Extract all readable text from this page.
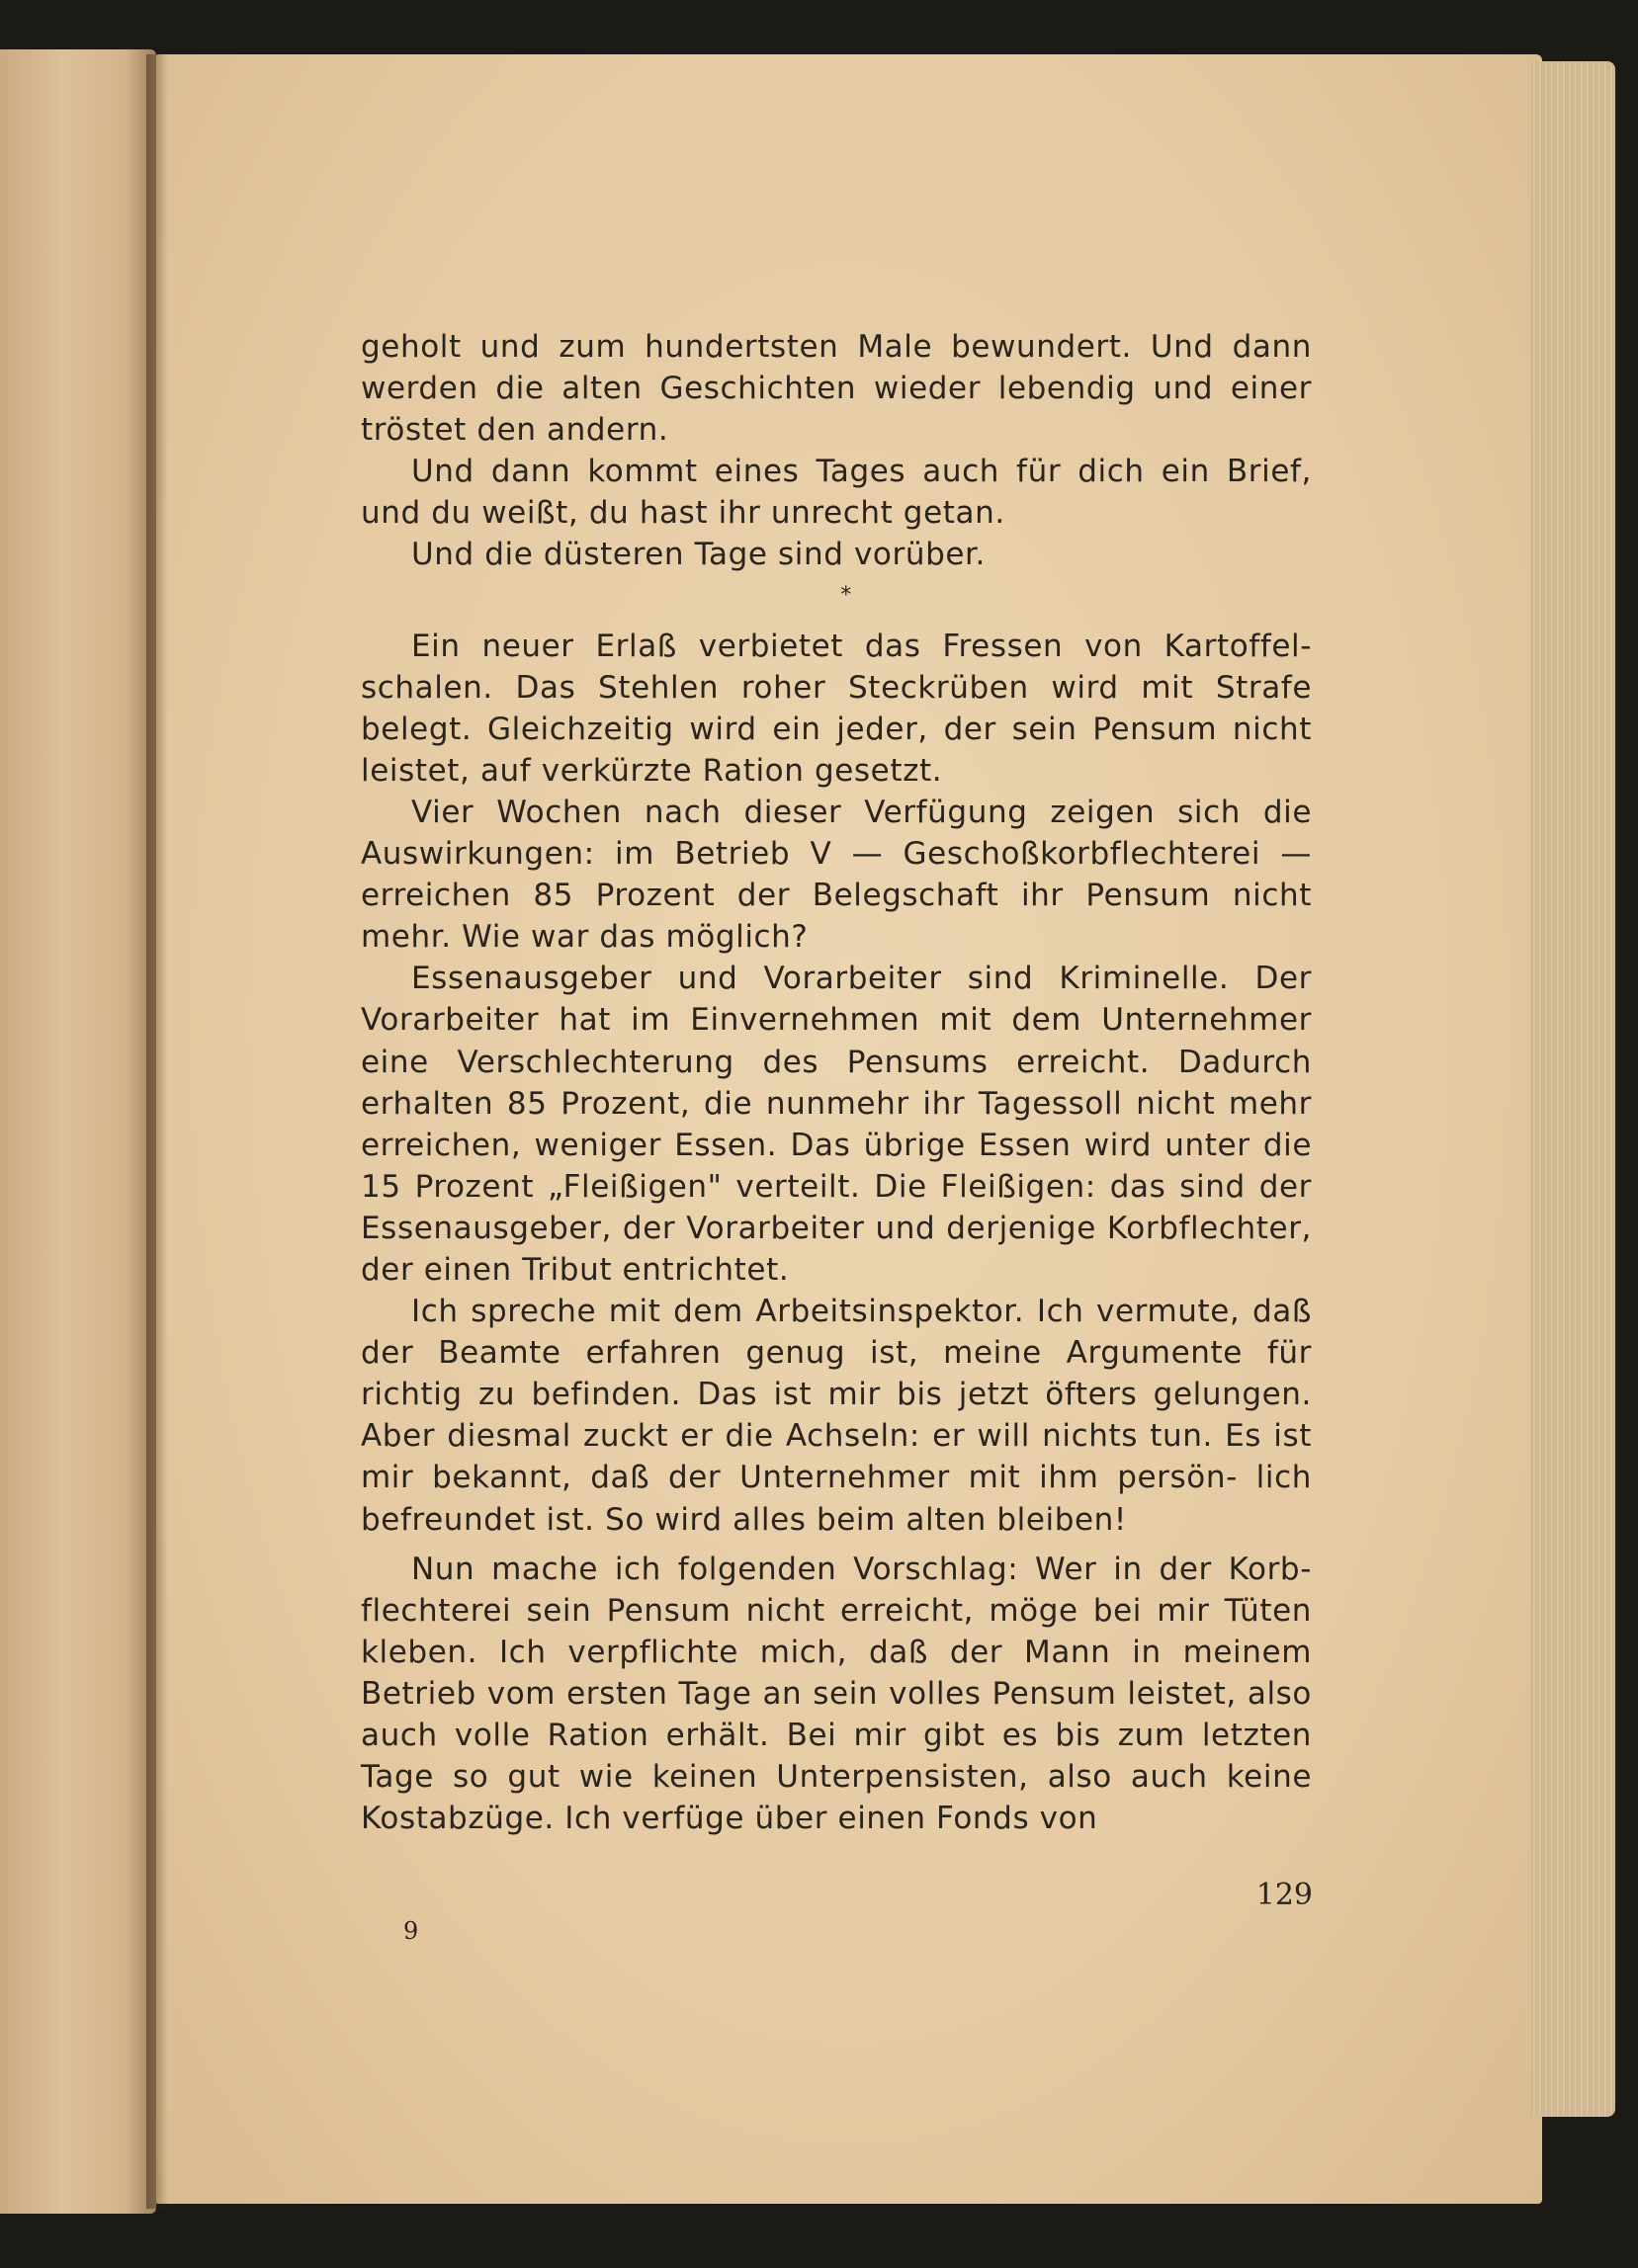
geholt und zum hundertsten Male bewundert. Und dann werden die alten Geschichten wieder lebendig und einer tröstet den andern.

Und dann kommt eines Tages auch für dich ein Brief, und du weißt, du hast ihr unrecht getan.

Und die düsteren Tage sind vorüber.

*

Ein neuer Erlaß verbietet das Fressen von Kartoffel- schalen. Das Stehlen roher Steckrüben wird mit Strafe belegt. Gleichzeitig wird ein jeder, der sein Pensum nicht leistet, auf verkürzte Ration gesetzt.

Vier Wochen nach dieser Verfügung zeigen sich die Auswirkungen: im Betrieb V — Geschoßkorbflechterei — erreichen 85 Prozent der Belegschaft ihr Pensum nicht mehr. Wie war das möglich?

Essenausgeber und Vorarbeiter sind Kriminelle. Der Vorarbeiter hat im Einvernehmen mit dem Unternehmer eine Verschlechterung des Pensums erreicht. Dadurch erhalten 85 Prozent, die nunmehr ihr Tagessoll nicht mehr erreichen, weniger Essen. Das übrige Essen wird unter die 15 Prozent „Fleißigen" verteilt. Die Fleißigen: das sind der Essenausgeber, der Vorarbeiter und derjenige Korbflechter, der einen Tribut entrichtet.

Ich spreche mit dem Arbeitsinspektor. Ich vermute, daß der Beamte erfahren genug ist, meine Argumente für richtig zu befinden. Das ist mir bis jetzt öfters gelungen. Aber diesmal zuckt er die Achseln: er will nichts tun. Es ist mir bekannt, daß der Unternehmer mit ihm persön- lich befreundet ist. So wird alles beim alten bleiben!

Nun mache ich folgenden Vorschlag: Wer in der Korb- flechterei sein Pensum nicht erreicht, möge bei mir Tüten kleben. Ich verpflichte mich, daß der Mann in meinem Betrieb vom ersten Tage an sein volles Pensum leistet, also auch volle Ration erhält. Bei mir gibt es bis zum letzten Tage so gut wie keinen Unterpensisten, also auch keine Kostabzüge. Ich verfüge über einen Fonds von

129
9
